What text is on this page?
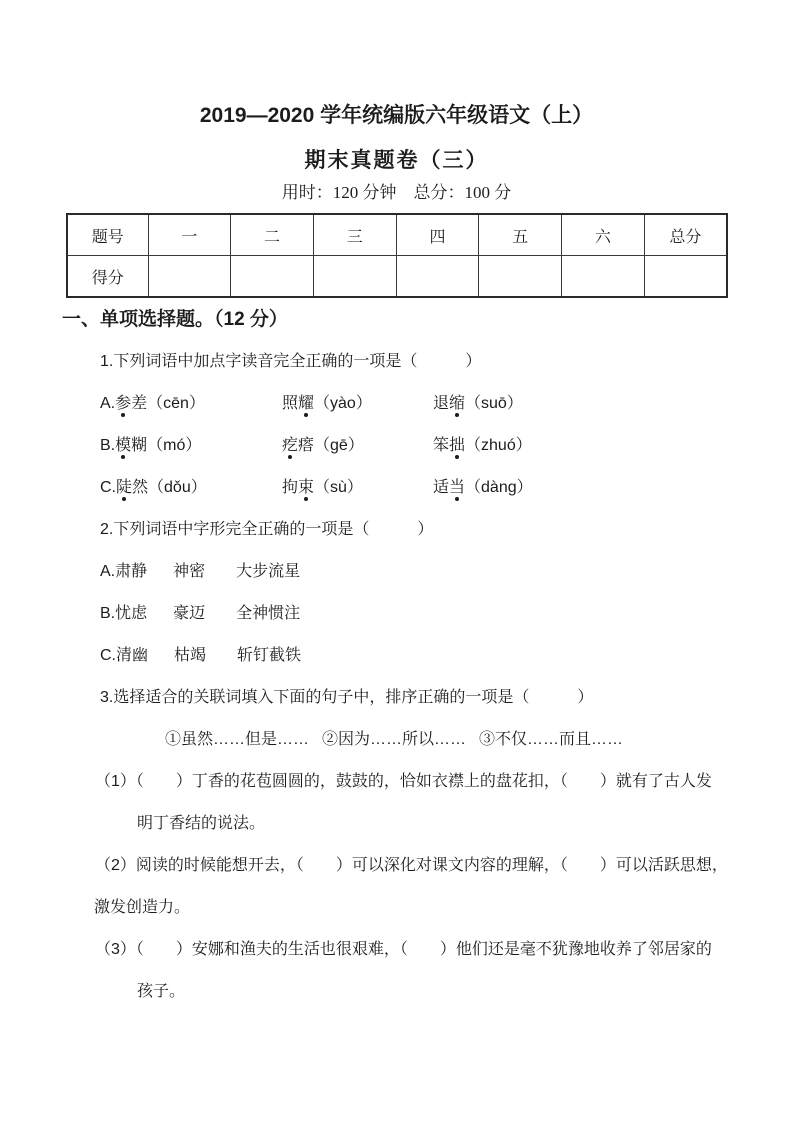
2019—2020 学年统编版六年级语文（上）
期末真题卷（三）
用时：120 分钟　总分：100 分
题号	一	二	三	四	五	六	总分
得分							
一、单项选择题。（12 分）
1.下列词语中加点字读音完全正确的一项是（　　　）
A.参差（cēn）	照耀（yào）	退缩（suō）
B.模糊（mó）	疙瘩（gē）	笨拙（zhuó）
C.陡然（dǒu）	拘束（sù）	适当（dàng）
2.下列词语中字形完全正确的一项是（　　　）
A.肃静 神密 大步流星
B.忧虑 豪迈 全神惯注
C.清幽 枯竭 斩钉截铁
3.选择适合的关联词填入下面的句子中，排序正确的一项是（　　　）
①虽然……但是…… ②因为……所以…… ③不仅……而且……
（1）（　　）丁香的花苞圆圆的，鼓鼓的，恰如衣襟上的盘花扣，（　　）就有了古人发
明丁香结的说法。
（2）阅读的时候能想开去，（　　）可以深化对课文内容的理解，（　　）可以活跃思想，
激发创造力。
（3）（　　）安娜和渔夫的生活也很艰难，（　　）他们还是毫不犹豫地收养了邻居家的
孩子。
